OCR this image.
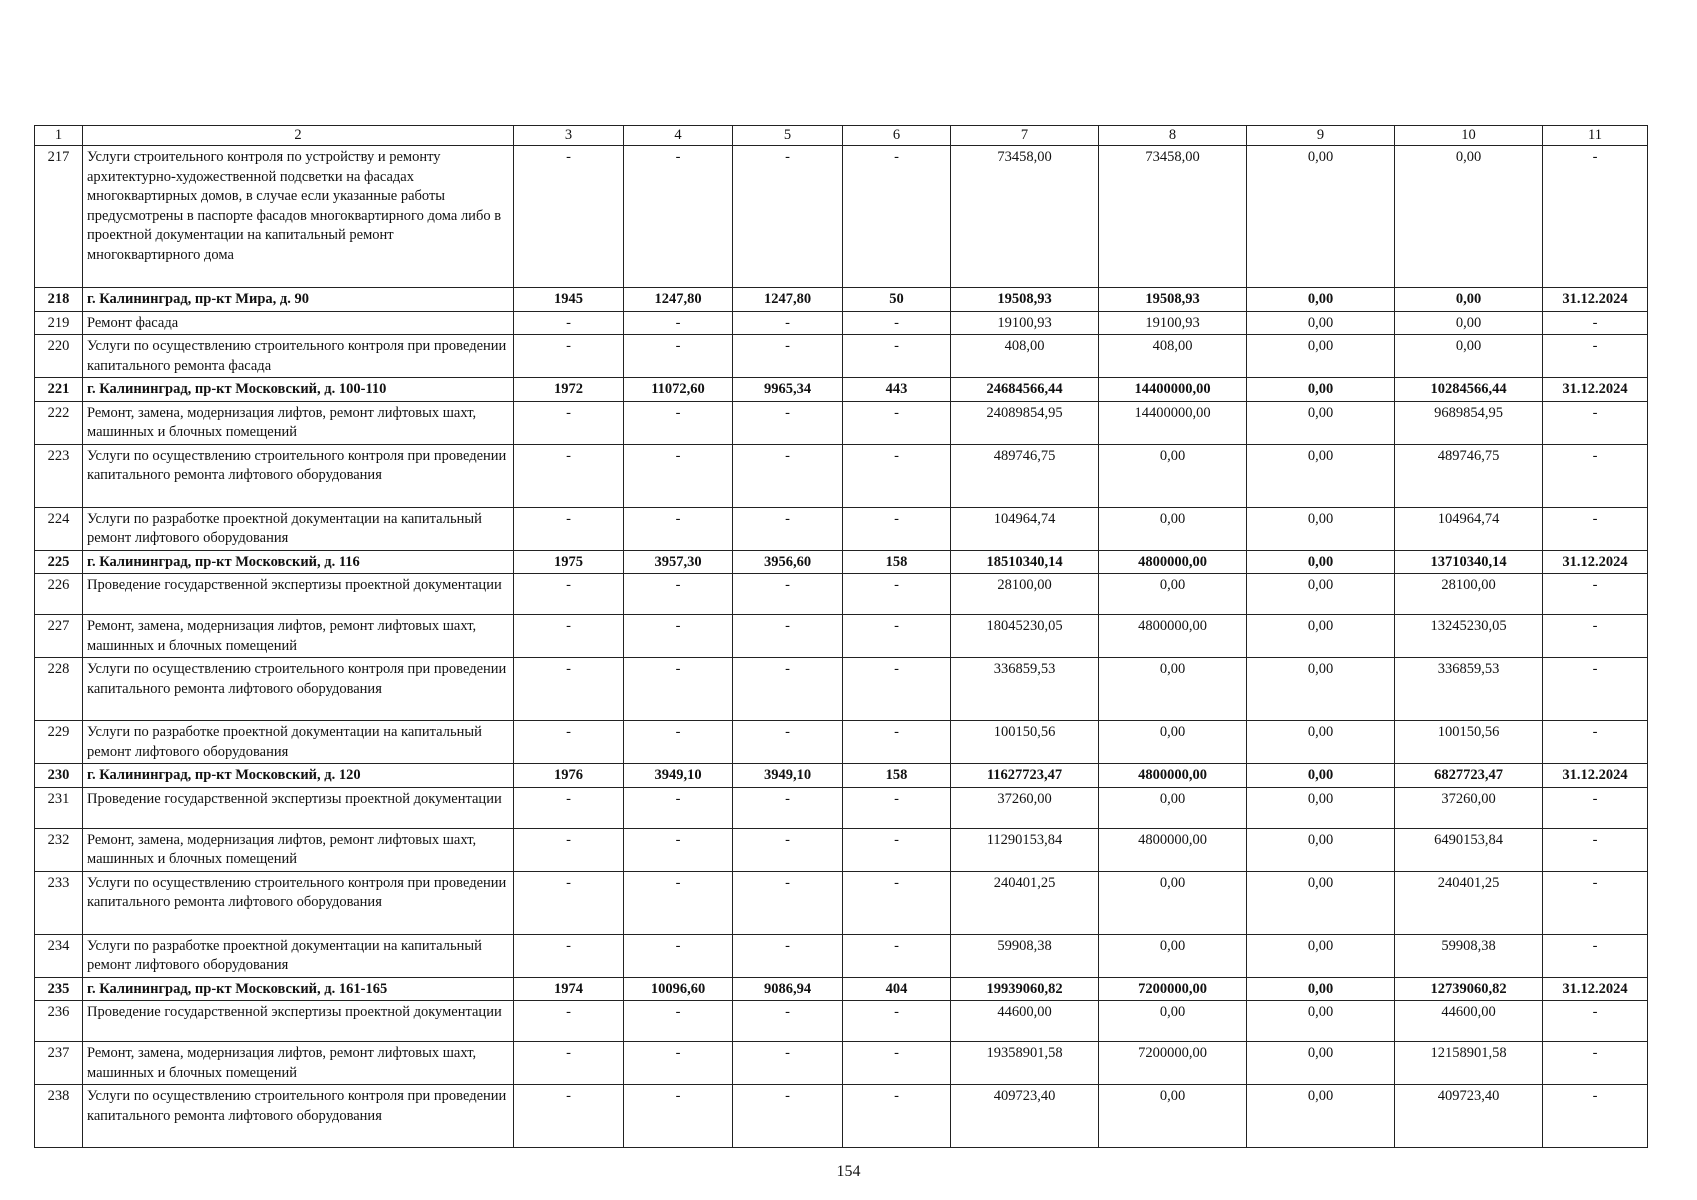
1	2	3	4	5	6	7	8	9	10	11
217	Услуги строительного контроля по устройству и ремонту архитектурно-художественной подсветки на фасадах многоквартирных домов, в случае если указанные работы предусмотрены в паспорте фасадов многоквартирного дома либо в проектной документации на капитальный ремонт многоквартирного дома	-	-	-	-	73458,00	73458,00	0,00	0,00	-
218	г. Калининград, пр-кт Мира, д. 90	1945	1247,80	1247,80	50	19508,93	19508,93	0,00	0,00	31.12.2024
219	Ремонт фасада	-	-	-	-	19100,93	19100,93	0,00	0,00	-
220	Услуги по осуществлению строительного контроля при проведении капитального ремонта фасада	-	-	-	-	408,00	408,00	0,00	0,00	-
221	г. Калининград, пр-кт Московский, д. 100-110	1972	11072,60	9965,34	443	24684566,44	14400000,00	0,00	10284566,44	31.12.2024
222	Ремонт, замена, модернизация лифтов, ремонт лифтовых шахт, машинных и блочных помещений	-	-	-	-	24089854,95	14400000,00	0,00	9689854,95	-
223	Услуги по осуществлению строительного контроля при проведении капитального ремонта лифтового оборудования	-	-	-	-	489746,75	0,00	0,00	489746,75	-
224	Услуги по разработке проектной документации на капитальный ремонт лифтового оборудования	-	-	-	-	104964,74	0,00	0,00	104964,74	-
225	г. Калининград, пр-кт Московский, д. 116	1975	3957,30	3956,60	158	18510340,14	4800000,00	0,00	13710340,14	31.12.2024
226	Проведение государственной экспертизы проектной документации	-	-	-	-	28100,00	0,00	0,00	28100,00	-
227	Ремонт, замена, модернизация лифтов, ремонт лифтовых шахт, машинных и блочных помещений	-	-	-	-	18045230,05	4800000,00	0,00	13245230,05	-
228	Услуги по осуществлению строительного контроля при проведении капитального ремонта лифтового оборудования	-	-	-	-	336859,53	0,00	0,00	336859,53	-
229	Услуги по разработке проектной документации на капитальный ремонт лифтового оборудования	-	-	-	-	100150,56	0,00	0,00	100150,56	-
230	г. Калининград, пр-кт Московский, д. 120	1976	3949,10	3949,10	158	11627723,47	4800000,00	0,00	6827723,47	31.12.2024
231	Проведение государственной экспертизы проектной документации	-	-	-	-	37260,00	0,00	0,00	37260,00	-
232	Ремонт, замена, модернизация лифтов, ремонт лифтовых шахт, машинных и блочных помещений	-	-	-	-	11290153,84	4800000,00	0,00	6490153,84	-
233	Услуги по осуществлению строительного контроля при проведении капитального ремонта лифтового оборудования	-	-	-	-	240401,25	0,00	0,00	240401,25	-
234	Услуги по разработке проектной документации на капитальный ремонт лифтового оборудования	-	-	-	-	59908,38	0,00	0,00	59908,38	-
235	г. Калининград, пр-кт Московский, д. 161-165	1974	10096,60	9086,94	404	19939060,82	7200000,00	0,00	12739060,82	31.12.2024
236	Проведение государственной экспертизы проектной документации	-	-	-	-	44600,00	0,00	0,00	44600,00	-
237	Ремонт, замена, модернизация лифтов, ремонт лифтовых шахт, машинных и блочных помещений	-	-	-	-	19358901,58	7200000,00	0,00	12158901,58	-
238	Услуги по осуществлению строительного контроля при проведении капитального ремонта лифтового оборудования	-	-	-	-	409723,40	0,00	0,00	409723,40	-
154
